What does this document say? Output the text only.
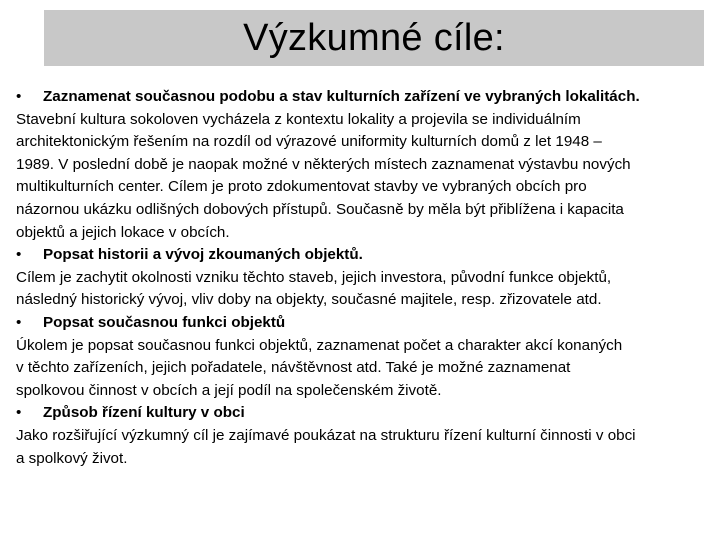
Výzkumné cíle:
•	Zaznamenat současnou podobu a stav kulturních zařízení ve vybraných lokalitách.

Stavební kultura sokoloven vycházela z kontextu lokality a projevila se individuálním
architektonickým řešením na rozdíl od výrazové uniformity kulturních domů z let 1948 –
1989. V poslední době je naopak možné v některých místech zaznamenat výstavbu nových
multikulturních center. Cílem je proto zdokumentovat stavby ve vybraných obcích pro
názornou ukázku odlišných dobových přístupů. Současně by měla být přiblížena i kapacita
objektů a jejich lokace v obcích.

•	Popsat historii a vývoj zkoumaných objektů.

Cílem je zachytit okolnosti vzniku těchto staveb, jejich investora, původní funkce objektů,
následný historický vývoj, vliv doby na objekty, současné majitele, resp. zřizovatele atd.

•	Popsat současnou funkci objektů

Úkolem je popsat současnou funkci objektů, zaznamenat počet a charakter akcí konaných
v těchto zařízeních, jejich pořadatele, návštěvnost atd. Také je možné zaznamenat
spolkovou činnost v obcích a její podíl na společenském životě.

•	Způsob řízení kultury v obci

Jako rozšiřující výzkumný cíl je zajímavé poukázat na strukturu řízení kulturní činnosti v obci
a spolkový život.
